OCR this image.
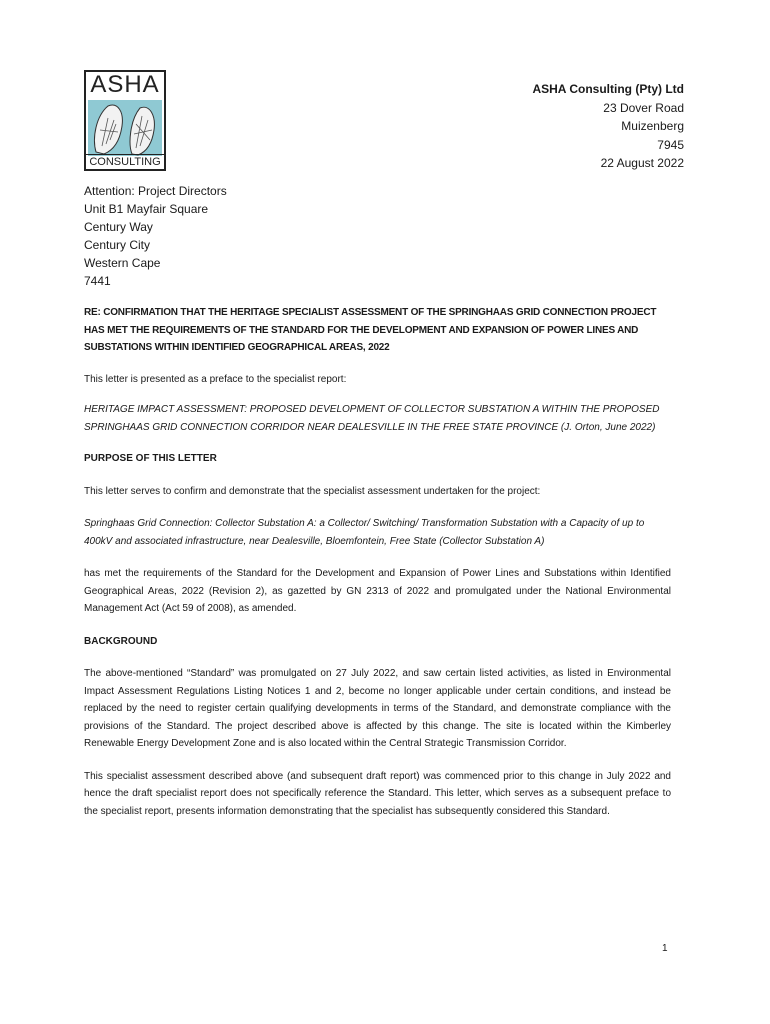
ASHA
CONSULTING
ASHA Consulting (Pty) Ltd
23 Dover Road
Muizenberg
7945
22 August 2022
Attention: Project Directors
Unit B1 Mayfair Square
Century Way
Century City
Western Cape
7441

RE: CONFIRMATION THAT THE HERITAGE SPECIALIST ASSESSMENT OF THE SPRINGHAAS GRID CONNECTION PROJECT HAS MET THE REQUIREMENTS OF THE STANDARD FOR THE DEVELOPMENT AND EXPANSION OF POWER LINES AND SUBSTATIONS WITHIN IDENTIFIED GEOGRAPHICAL AREAS, 2022

This letter is presented as a preface to the specialist report:

HERITAGE IMPACT ASSESSMENT: PROPOSED DEVELOPMENT OF COLLECTOR SUBSTATION A WITHIN THE PROPOSED SPRINGHAAS GRID CONNECTION CORRIDOR NEAR DEALESVILLE IN THE FREE STATE PROVINCE (J. Orton, June 2022)

PURPOSE OF THIS LETTER

This letter serves to confirm and demonstrate that the specialist assessment undertaken for the project:

Springhaas Grid Connection: Collector Substation A: a Collector/ Switching/ Transformation Substation with a Capacity of up to 400kV and associated infrastructure, near Dealesville, Bloemfontein, Free State (Collector Substation A)

has met the requirements of the Standard for the Development and Expansion of Power Lines and Substations within Identified Geographical Areas, 2022 (Revision 2), as gazetted by GN 2313 of 2022 and promulgated under the National Environmental Management Act (Act 59 of 2008), as amended.

BACKGROUND

The above-mentioned “Standard” was promulgated on 27 July 2022, and saw certain listed activities, as listed in Environmental Impact Assessment Regulations Listing Notices 1 and 2, become no longer applicable under certain conditions, and instead be replaced by the need to register certain qualifying developments in terms of the Standard, and demonstrate compliance with the provisions of the Standard. The project described above is affected by this change. The site is located within the Kimberley Renewable Energy Development Zone and is also located within the Central Strategic Transmission Corridor.

This specialist assessment described above (and subsequent draft report) was commenced prior to this change in July 2022 and hence the draft specialist report does not specifically reference the Standard. This letter, which serves as a subsequent preface to the specialist report, presents information demonstrating that the specialist has subsequently considered this Standard.

1
